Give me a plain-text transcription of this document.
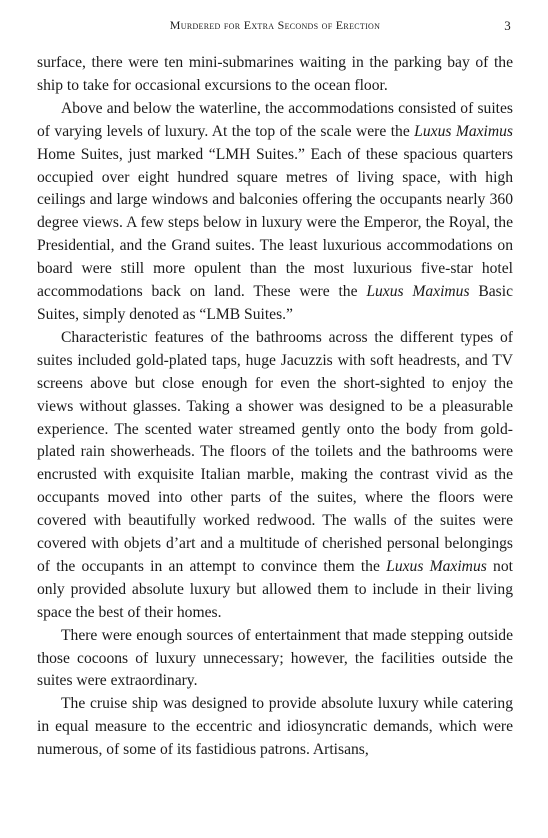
Murdered for Extra Seconds of Erection	3

surface, there were ten mini-submarines waiting in the parking bay of the ship to take for occasional excursions to the ocean floor.

Above and below the waterline, the accommodations consisted of suites of varying levels of luxury. At the top of the scale were the Luxus Maximus Home Suites, just marked “LMH Suites.” Each of these spacious quarters occupied over eight hundred square metres of living space, with high ceilings and large windows and balconies offering the occupants nearly 360 degree views. A few steps below in luxury were the Emperor, the Royal, the Presidential, and the Grand suites. The least luxurious accommodations on board were still more opulent than the most luxurious five-star hotel accommodations back on land. These were the Luxus Maximus Basic Suites, simply denoted as “LMB Suites.”

Characteristic features of the bathrooms across the different types of suites included gold-plated taps, huge Jacuzzis with soft headrests, and TV screens above but close enough for even the short-sighted to enjoy the views without glasses. Taking a shower was designed to be a pleasurable experience. The scented water streamed gently onto the body from gold-plated rain showerheads. The floors of the toilets and the bathrooms were encrusted with exquisite Italian marble, making the contrast vivid as the occupants moved into other parts of the suites, where the floors were covered with beautifully worked redwood. The walls of the suites were covered with objets d’art and a multitude of cherished personal belongings of the occupants in an attempt to convince them the Luxus Maximus not only provided absolute luxury but allowed them to include in their living space the best of their homes.

There were enough sources of entertainment that made stepping outside those cocoons of luxury unnecessary; however, the facilities outside the suites were extraordinary.

The cruise ship was designed to provide absolute luxury while catering in equal measure to the eccentric and idiosyncratic demands, which were numerous, of some of its fastidious patrons. Artisans,
